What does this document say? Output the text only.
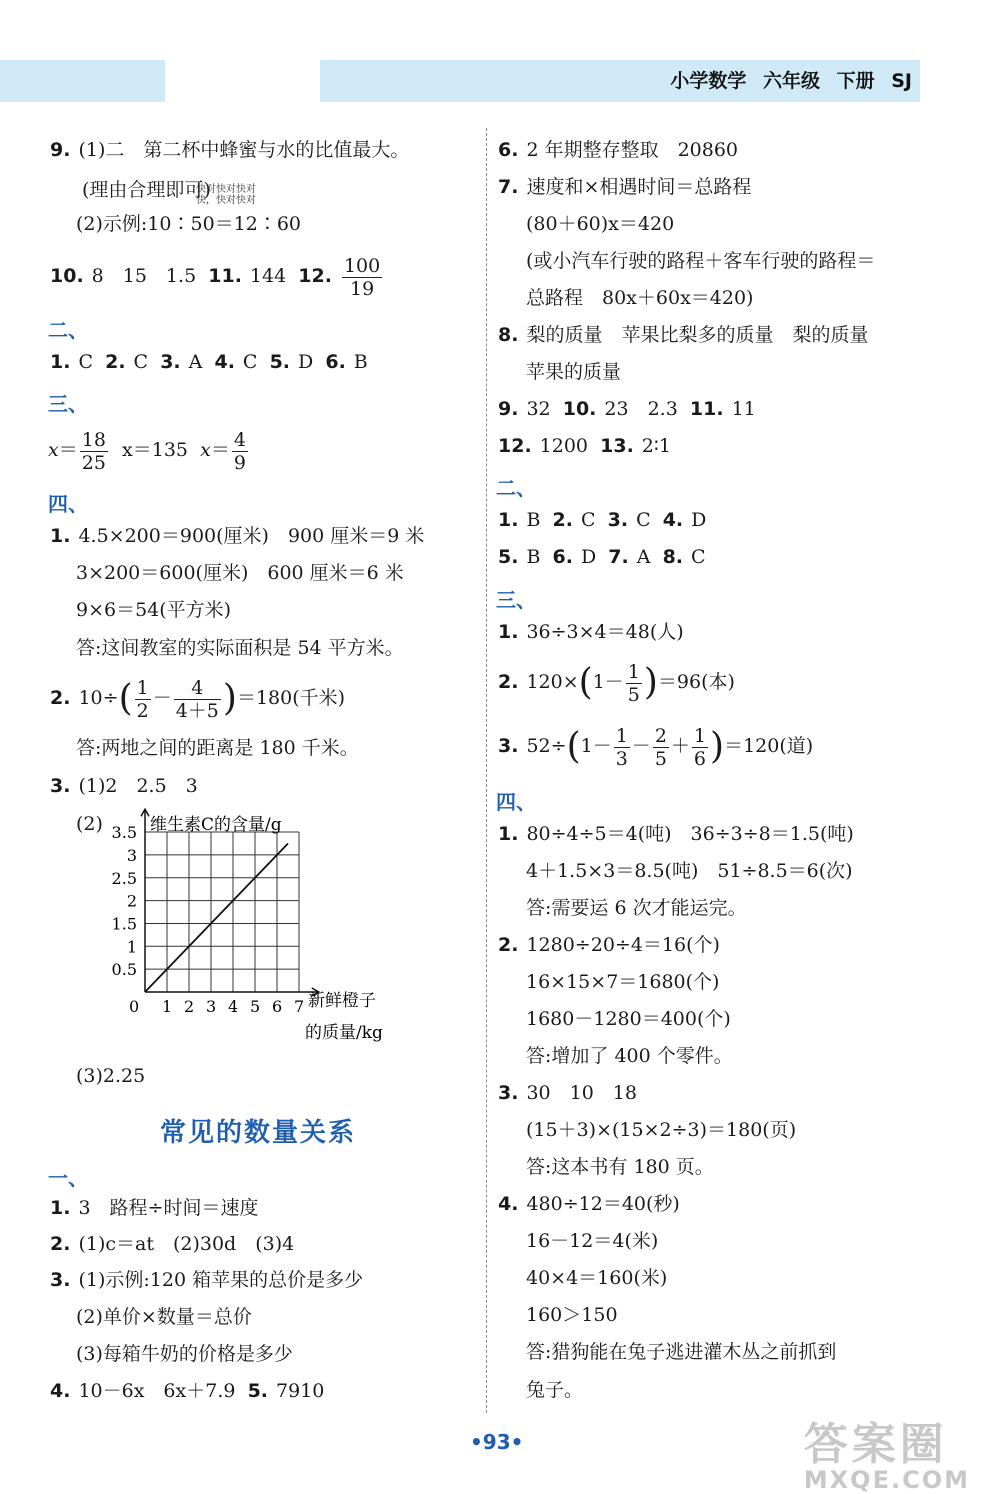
小学数学 六年级 下册 SJ
9. (1)二　第二杯中蜂蜜与水的比值最大。
(理由合理即可)
快对快对快对
快，快对快对
(2)示例:10∶50＝12∶60
10. 8　15　1.5 11. 144 12. $\frac{100}{19}$
二、
1. C 2. C 3. A 4. C 5. D 6. B
三、
$x= \frac{18}{25} x=135$ $x= \frac{4}{9}$
四、
1. 4.5×200＝900(厘米)　900 厘米＝9 米
3×200＝600(厘米)　600 厘米＝6 米
9×6＝54(平方米)
答:这间教室的实际面积是 54 平方米。
2. $10\div( \frac{1}{2} - \frac{4}{4+5} )=180$(千米)
答:两地之间的距离是 180 千米。
3. (1)2　2.5　3
(2)
0 1 2 3 4 5 6 7
0.5
1
1.5
2
2.5
3
3.5 维生素C的含量/g
新鲜橙子
的质量/kg
(3)2.25
常见的数量关系
一、
1. 3　路程÷时间＝速度
2. (1)c＝at　(2)30d　(3)4
3. (1)示例:120 箱苹果的总价是多少
(2)单价×数量＝总价
(3)每箱牛奶的价格是多少
4. 10－6x　6x＋7.9 5. 7910
6. 2 年期整存整取　20860
7. 速度和×相遇时间＝总路程
(80＋60)x＝420
(或小汽车行驶的路程＋客车行驶的路程＝
总路程　80x＋60x＝420)
8. 梨的质量　苹果比梨多的质量　梨的质量
苹果的质量
9. 32 10. 23　2.3 11. 11
12. 1200 13. 2∶1
二、
1. B 2. C 3. C 4. D
5. B 6. D 7. A 8. C
三、
1. 36÷3×4＝48(人)
2. $120\times(1- \frac{1}{5} )=96$(本)
3. $52\div(1- \frac{1}{3} - \frac{2}{5} + \frac{1}{6} )=120$(道)
四、
1. 80÷4÷5＝4(吨)　36÷3÷8＝1.5(吨)
4＋1.5×3＝8.5(吨)　51÷8.5＝6(次)
答:需要运 6 次才能运完。
2. 1280÷20÷4＝16(个)
16×15×7＝1680(个)
1680－1280＝400(个)
答:增加了 400 个零件。
3. 30　10　18
(15＋3)×(15×2÷3)＝180(页)
答:这本书有 180 页。
4. 480÷12＝40(秒)
16－12＝4(米)
40×4＝160(米)
160＞150
答:猎狗能在兔子逃进灌木丛之前抓到
兔子。
•93•	答案圈
MXQE.COM
